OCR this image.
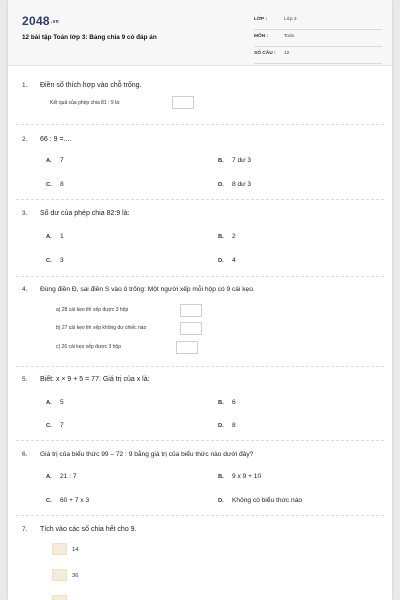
2048.vn
12 bài tập Toán lớp 3: Bảng chia 9 có đáp án
LỚP :	Lớp 3
MÔN :	Toán
SỐ CÂU : 12
1. Điền số thích hợp vào chỗ trống.
Kết quả của phép chia 81 : 9 là:
2. 66 : 9 =....
A. 7	B. 7 dư 3
C. 8	D. 8 dư 3
3. Số dư của phép chia 82:9 là:
A. 1	B. 2
C. 3	D. 4
4. Đúng điền Đ, sai điền S vào ô trống: Một người xếp mỗi hộp có 9 cái kẹo.
a) 28 cái kẹo thì xếp được 3 hộp
b) 27 cái kẹo thì xếp không dư chiếc nào
c) 26 cái kẹo xếp được 3 hộp
5. Biết: x × 9 + 5 = 77. Giá trị của x là:
A. 5	B. 6
C. 7	D. 8
6. Giá trị của biểu thức 99 – 72 : 9 bằng giá trị của biểu thức nào dưới đây?
A. 21 : 7	B. 9 x 9 + 10
C. 60 + 7 x 3	D. Không có biểu thức nào
7. Tích vào các số chia hết cho 9.
14
36
